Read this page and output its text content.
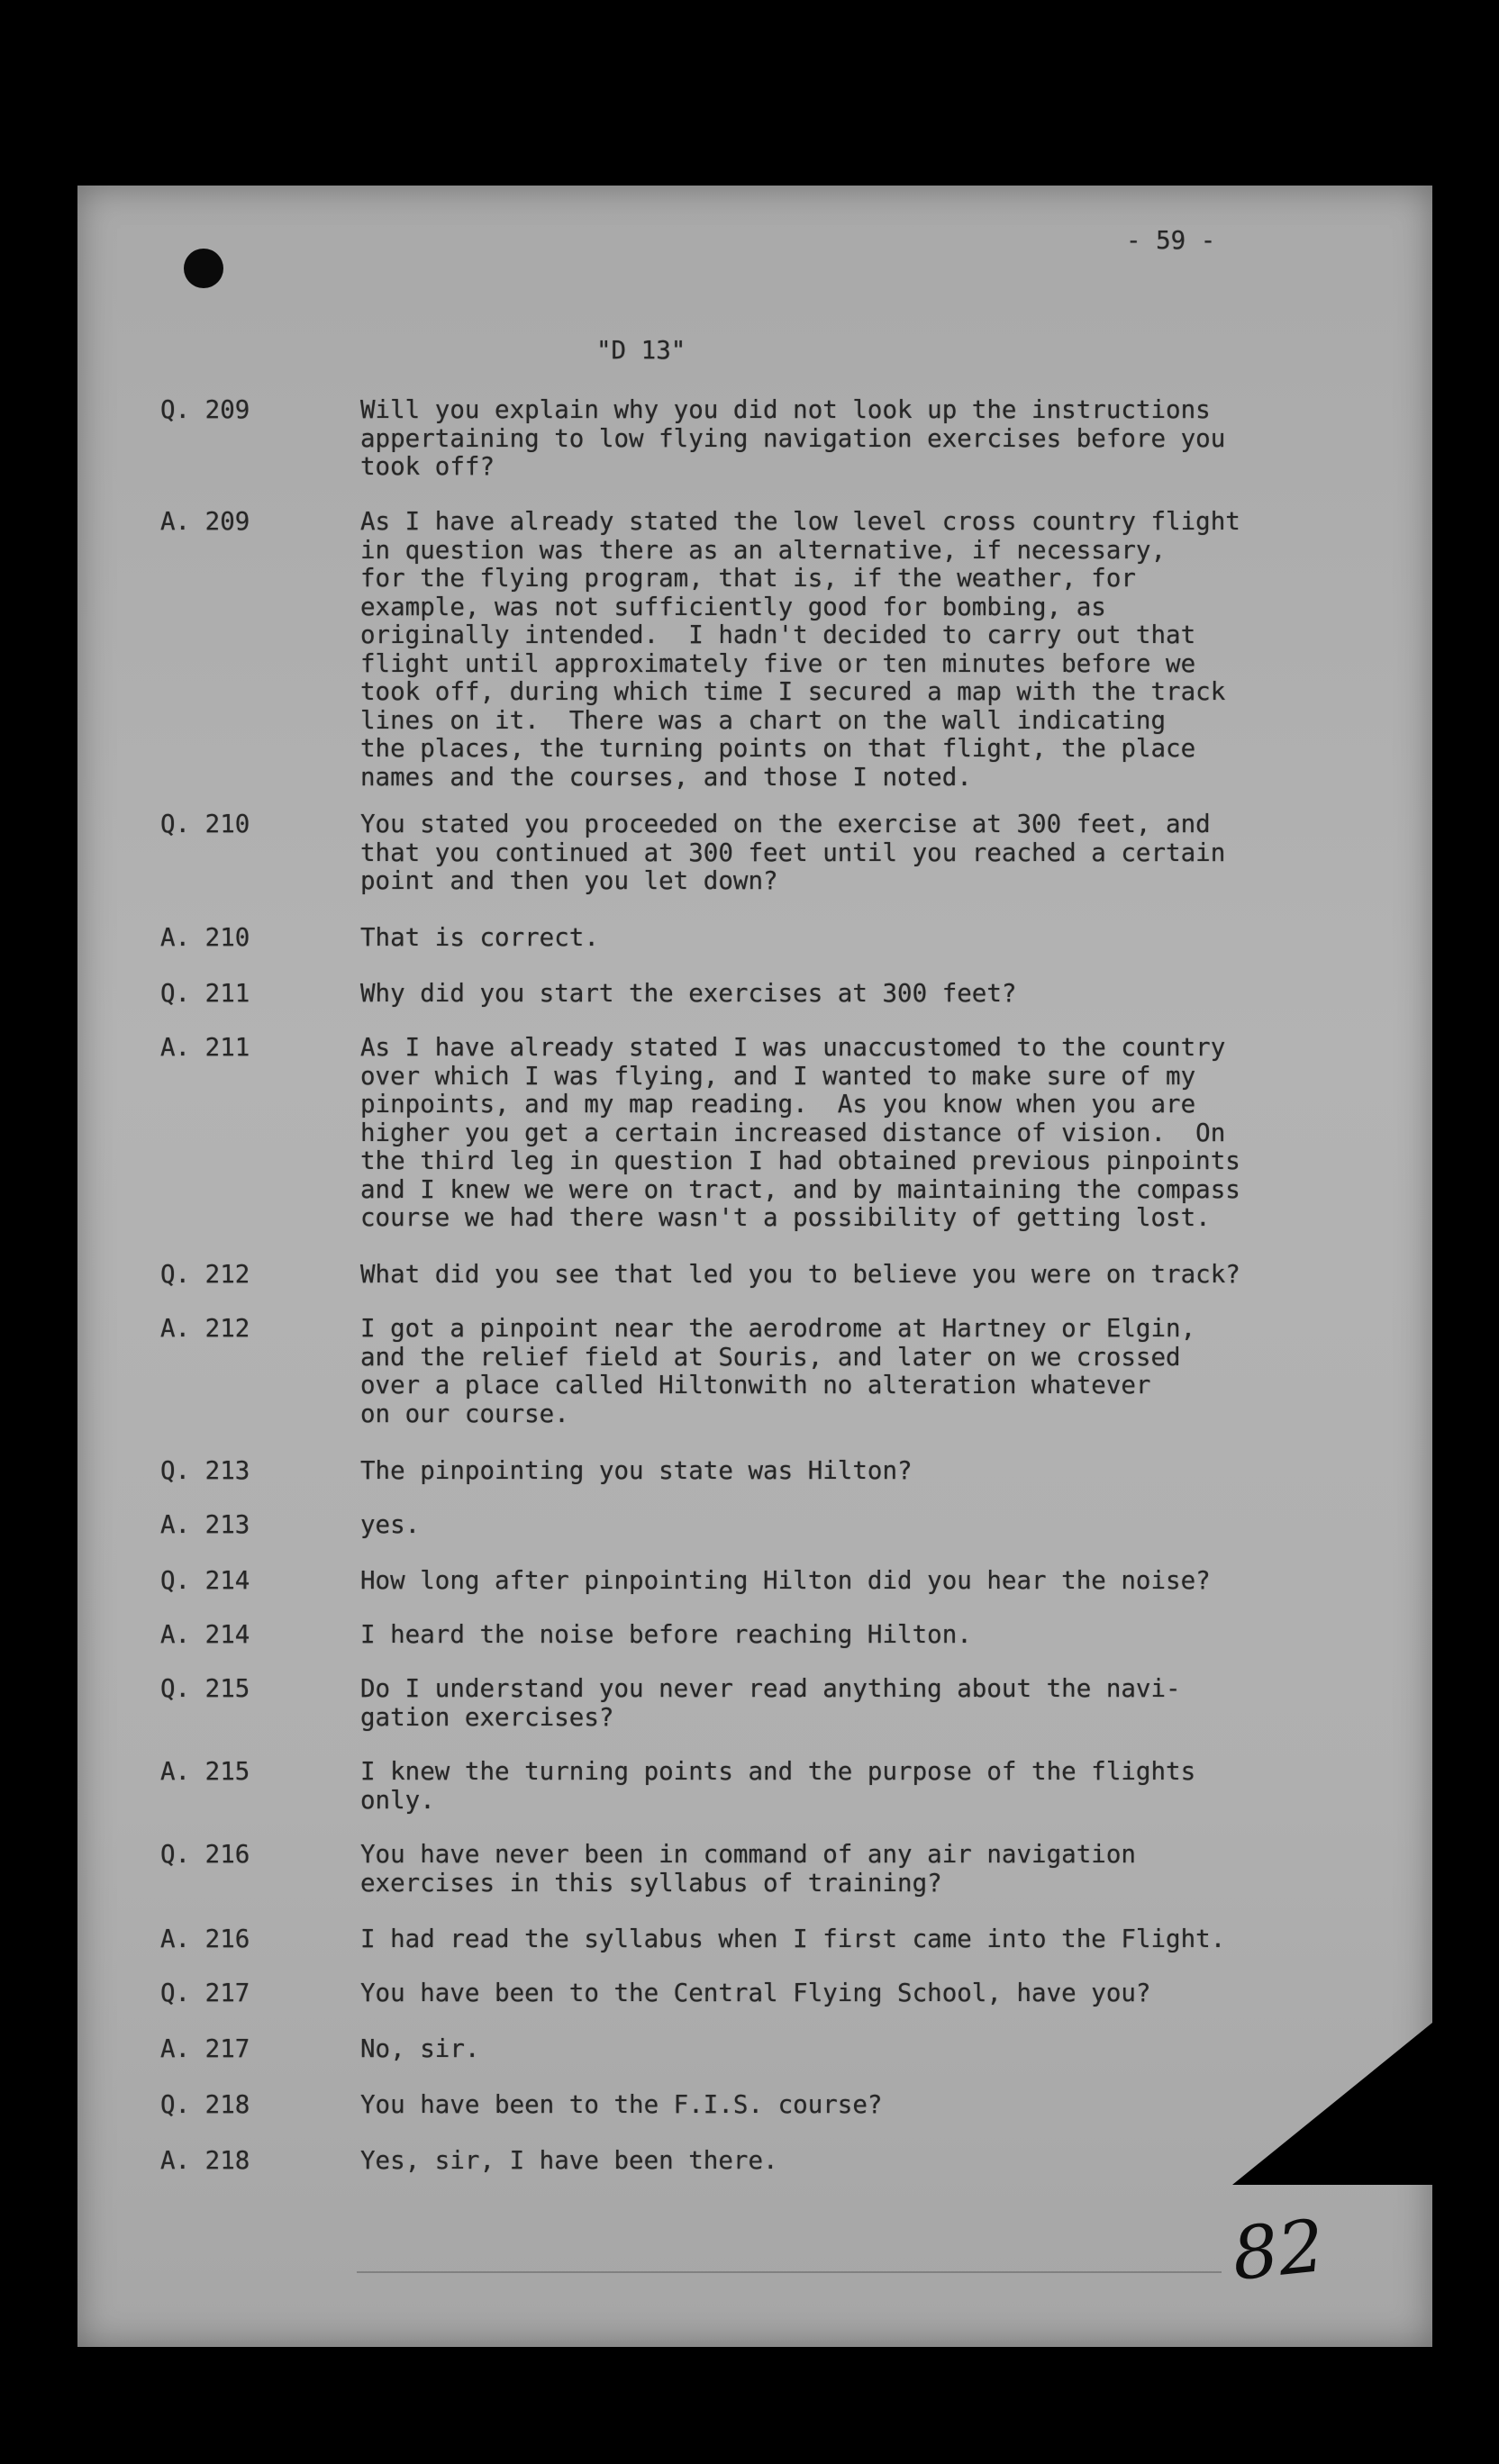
- 59 -
"D 13"
Q. 209	Will you explain why you did not look up the instructions
appertaining to low flying navigation exercises before you
took off?
A. 209	As I have already stated the low level cross country flight
in question was there as an alternative, if necessary,
for the flying program, that is, if the weather, for
example, was not sufficiently good for bombing, as
originally intended.  I hadn't decided to carry out that
flight until approximately five or ten minutes before we
took off, during which time I secured a map with the track
lines on it.  There was a chart on the wall indicating
the places, the turning points on that flight, the place
names and the courses, and those I noted.
Q. 210	You stated you proceeded on the exercise at 300 feet, and
that you continued at 300 feet until you reached a certain
point and then you let down?
A. 210	That is correct.
Q. 211	Why did you start the exercises at 300 feet?
A. 211	As I have already stated I was unaccustomed to the country
over which I was flying, and I wanted to make sure of my
pinpoints, and my map reading.  As you know when you are
higher you get a certain increased distance of vision.  On
the third leg in question I had obtained previous pinpoints
and I knew we were on tract, and by maintaining the compass
course we had there wasn't a possibility of getting lost.
Q. 212	What did you see that led you to believe you were on track?
A. 212	I got a pinpoint near the aerodrome at Hartney or Elgin,
and the relief field at Souris, and later on we crossed
over a place called Hiltonwith no alteration whatever
on our course.
Q. 213	The pinpointing you state was Hilton?
A. 213	yes.
Q. 214	How long after pinpointing Hilton did you hear the noise?
A. 214	I heard the noise before reaching Hilton.
Q. 215	Do I understand you never read anything about the navi-
gation exercises?
A. 215	I knew the turning points and the purpose of the flights
only.
Q. 216	You have never been in command of any air navigation
exercises in this syllabus of training?
A. 216	I had read the syllabus when I first came into the Flight.
Q. 217	You have been to the Central Flying School, have you?
A. 217	No, sir.
Q. 218	You have been to the F.I.S. course?
A. 218	Yes, sir, I have been there.
82
